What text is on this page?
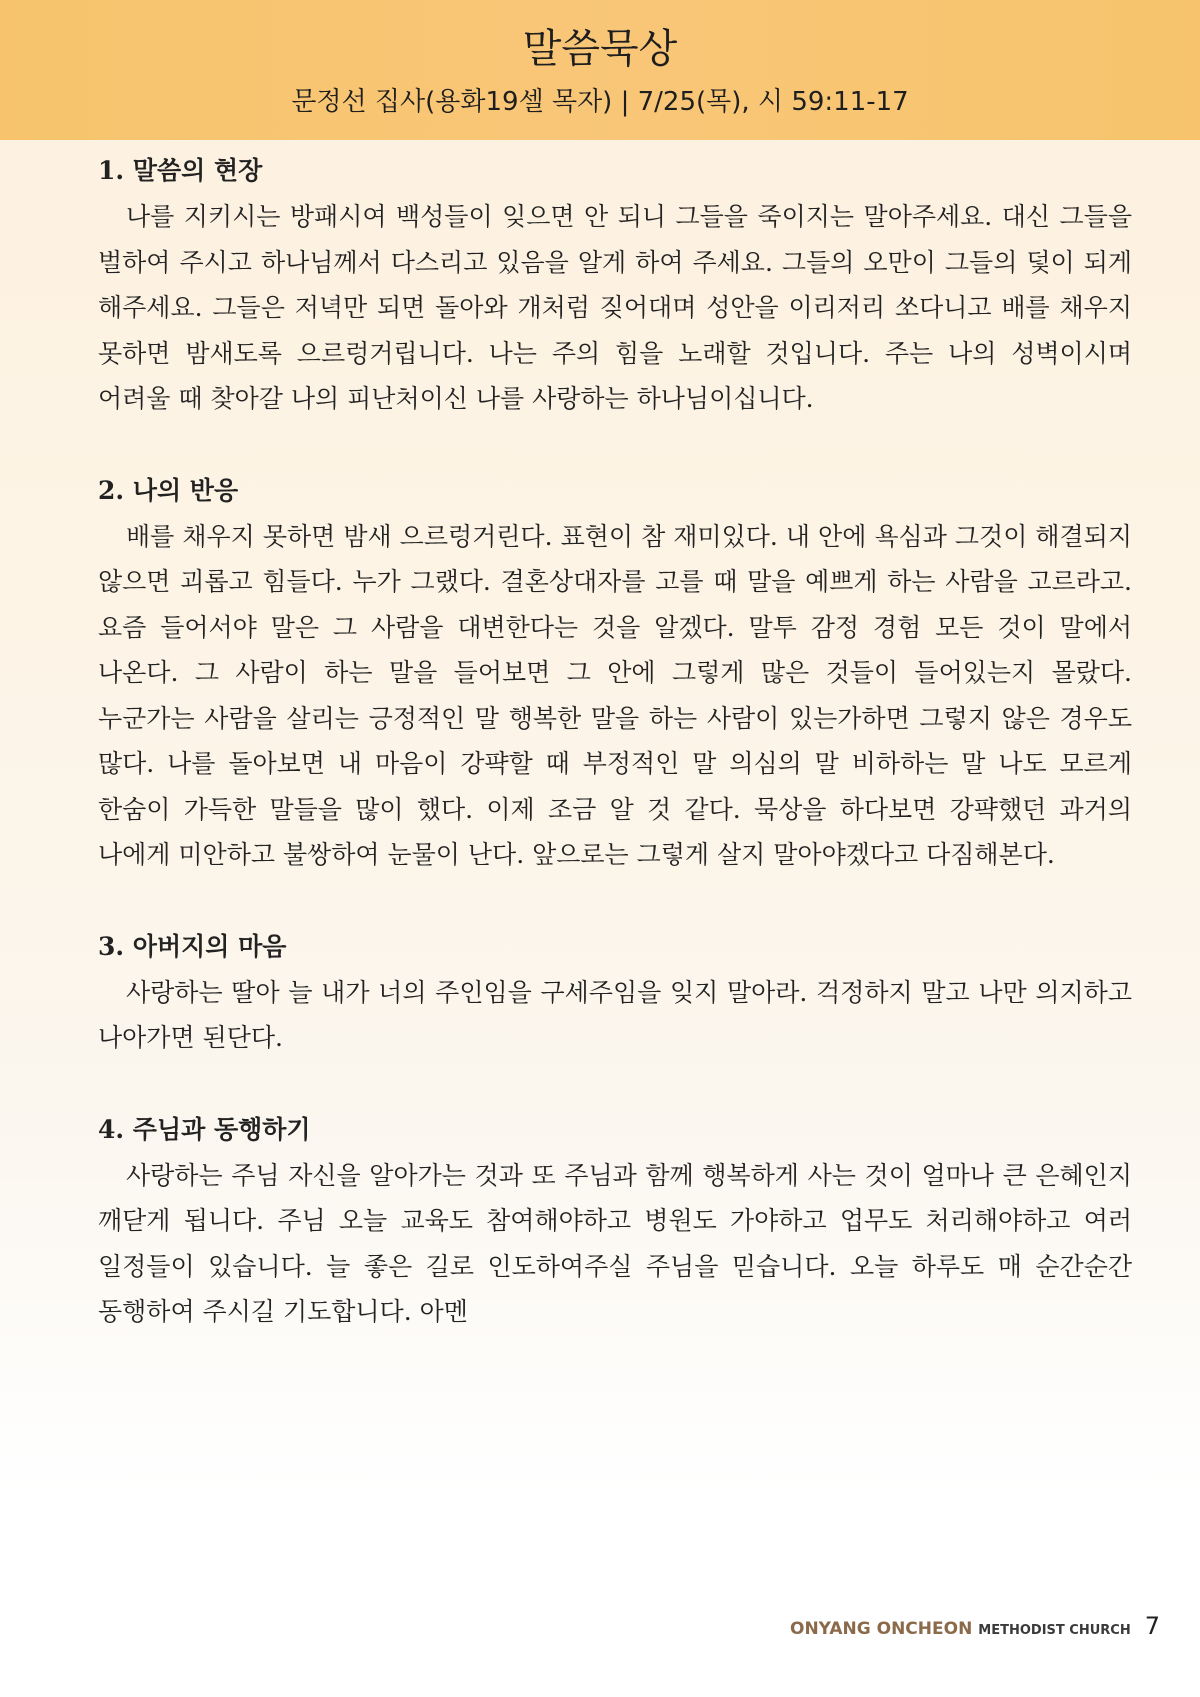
말씀묵상
문정선 집사(용화19셀 목자) | 7/25(목), 시 59:11-17
1. 말씀의 현장

나를 지키시는 방패시여 백성들이 잊으면 안 되니 그들을 죽이지는 말아주세요. 대신 그들을 벌하여 주시고 하나님께서 다스리고 있음을 알게 하여 주세요. 그들의 오만이 그들의 덫이 되게 해주세요. 그들은 저녁만 되면 돌아와 개처럼 짖어대며 성안을 이리저리 쏘다니고 배를 채우지 못하면 밤새도록 으르렁거립니다. 나는 주의 힘을 노래할 것입니다. 주는 나의 성벽이시며 어려울 때 찾아갈 나의 피난처이신 나를 사랑하는 하나님이십니다.

2. 나의 반응

배를 채우지 못하면 밤새 으르렁거린다. 표현이 참 재미있다. 내 안에 욕심과 그것이 해결되지 않으면 괴롭고 힘들다. 누가 그랬다. 결혼상대자를 고를 때 말을 예쁘게 하는 사람을 고르라고. 요즘 들어서야 말은 그 사람을 대변한다는 것을 알겠다. 말투 감정 경험 모든 것이 말에서 나온다. 그 사람이 하는 말을 들어보면 그 안에 그렇게 많은 것들이 들어있는지 몰랐다. 누군가는 사람을 살리는 긍정적인 말 행복한 말을 하는 사람이 있는가하면 그렇지 않은 경우도 많다. 나를 돌아보면 내 마음이 강퍅할 때 부정적인 말 의심의 말 비하하는 말 나도 모르게 한숨이 가득한 말들을 많이 했다. 이제 조금 알 것 같다. 묵상을 하다보면 강퍅했던 과거의 나에게 미안하고 불쌍하여 눈물이 난다. 앞으로는 그렇게 살지 말아야겠다고 다짐해본다.

3. 아버지의 마음

사랑하는 딸아 늘 내가 너의 주인임을 구세주임을 잊지 말아라. 걱정하지 말고 나만 의지하고 나아가면 된단다.

4. 주님과 동행하기

사랑하는 주님 자신을 알아가는 것과 또 주님과 함께 행복하게 사는 것이 얼마나 큰 은혜인지 깨닫게 됩니다. 주님 오늘 교육도 참여해야하고 병원도 가야하고 업무도 처리해야하고 여러 일정들이 있습니다. 늘 좋은 길로 인도하여주실 주님을 믿습니다. 오늘 하루도 매 순간순간 동행하여 주시길 기도합니다. 아멘

ONYANG ONCHEON METHODIST CHURCH 7
